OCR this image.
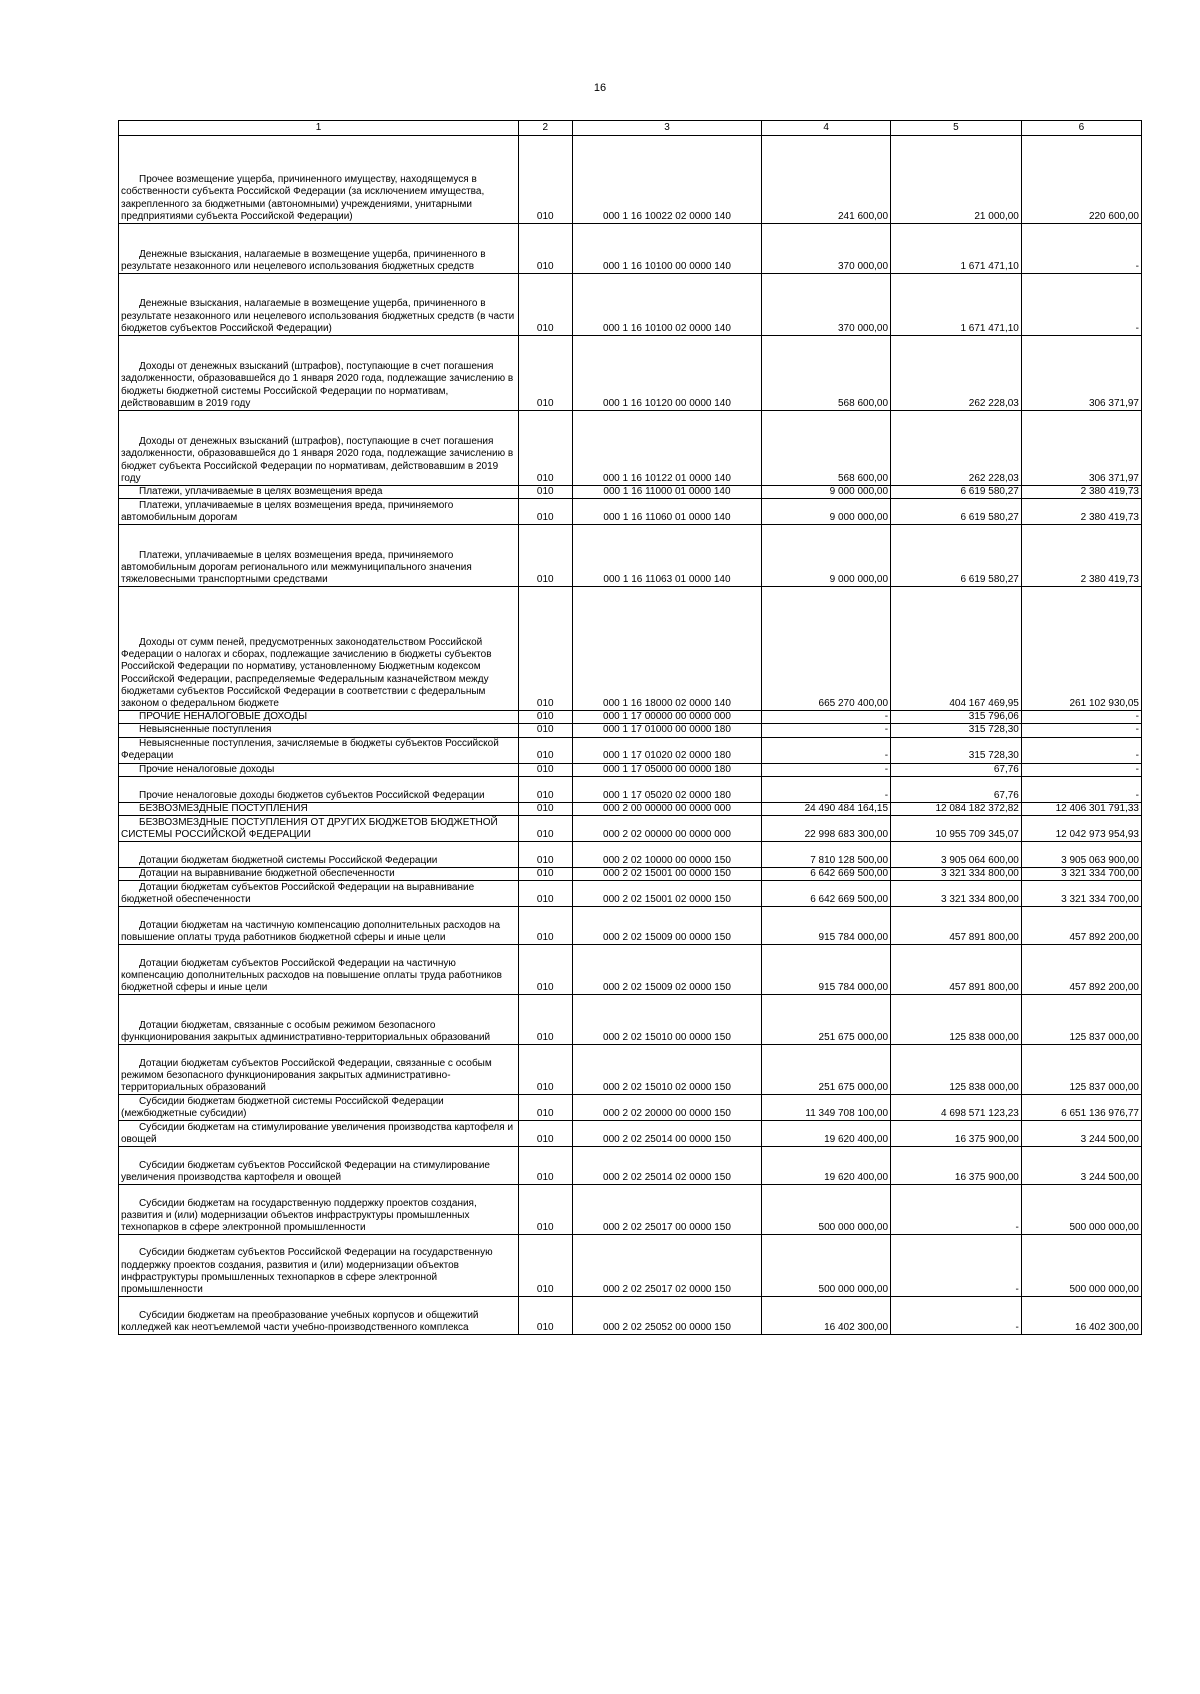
16
1	2	3	4	5	6

Прочее возмещение ущерба, причиненного имуществу, находящемуся в собственности субъекта Российской Федерации (за исключением имущества, закрепленного за бюджетными (автономными) учреждениями, унитарными предприятиями субъекта Российской Федерации)	010	000 1 16 10022 02 0000 140	241 600,00	21 000,00	220 600,00

Денежные взыскания, налагаемые в возмещение ущерба, причиненного в результате незаконного или нецелевого использования бюджетных средств	010	000 1 16 10100 00 0000 140	370 000,00	1 671 471,10	-

Денежные взыскания, налагаемые в возмещение ущерба, причиненного в результате незаконного или нецелевого использования бюджетных средств (в части бюджетов субъектов Российской Федерации)	010	000 1 16 10100 02 0000 140	370 000,00	1 671 471,10	-

Доходы от денежных взысканий (штрафов), поступающие в счет погашения задолженности, образовавшейся до 1 января 2020 года, подлежащие зачислению в бюджеты бюджетной системы Российской Федерации по нормативам, действовавшим в 2019 году	010	000 1 16 10120 00 0000 140	568 600,00	262 228,03	306 371,97

Доходы от денежных взысканий (штрафов), поступающие в счет погашения задолженности, образовавшейся до 1 января 2020 года, подлежащие зачислению в бюджет субъекта Российской Федерации по нормативам, действовавшим в 2019 году	010	000 1 16 10122 01 0000 140	568 600,00	262 228,03	306 371,97

Платежи, уплачиваемые в целях возмещения вреда	010	000 1 16 11000 01 0000 140	9 000 000,00	6 619 580,27	2 380 419,73

Платежи, уплачиваемые в целях возмещения вреда, причиняемого автомобильным дорогам	010	000 1 16 11060 01 0000 140	9 000 000,00	6 619 580,27	2 380 419,73

Платежи, уплачиваемые в целях возмещения вреда, причиняемого автомобильным дорогам регионального или межмуниципального значения тяжеловесными транспортными средствами	010	000 1 16 11063 01 0000 140	9 000 000,00	6 619 580,27	2 380 419,73

Доходы от сумм пеней, предусмотренных законодательством Российской Федерации о налогах и сборах, подлежащие зачислению в бюджеты субъектов Российской Федерации по нормативу, установленному Бюджетным кодексом Российской Федерации, распределяемые Федеральным казначейством между бюджетами субъектов Российской Федерации в соответствии с федеральным законом о федеральном бюджете	010	000 1 16 18000 02 0000 140	665 270 400,00	404 167 469,95	261 102 930,05

ПРОЧИЕ НЕНАЛОГОВЫЕ ДОХОДЫ	010	000 1 17 00000 00 0000 000	-	315 796,06	-

Невыясненные поступления	010	000 1 17 01000 00 0000 180	-	315 728,30	-

Невыясненные поступления, зачисляемые в бюджеты субъектов Российской Федерации	010	000 1 17 01020 02 0000 180	-	315 728,30	-

Прочие неналоговые доходы	010	000 1 17 05000 00 0000 180	-	67,76	-

Прочие неналоговые доходы бюджетов субъектов Российской Федерации	010	000 1 17 05020 02 0000 180	-	67,76	-

БЕЗВОЗМЕЗДНЫЕ ПОСТУПЛЕНИЯ	010	000 2 00 00000 00 0000 000	24 490 484 164,15	12 084 182 372,82	12 406 301 791,33

БЕЗВОЗМЕЗДНЫЕ ПОСТУПЛЕНИЯ ОТ ДРУГИХ БЮДЖЕТОВ БЮДЖЕТНОЙ СИСТЕМЫ РОССИЙСКОЙ ФЕДЕРАЦИИ	010	000 2 02 00000 00 0000 000	22 998 683 300,00	10 955 709 345,07	12 042 973 954,93

Дотации бюджетам бюджетной системы Российской Федерации	010	000 2 02 10000 00 0000 150	7 810 128 500,00	3 905 064 600,00	3 905 063 900,00

Дотации на выравнивание бюджетной обеспеченности	010	000 2 02 15001 00 0000 150	6 642 669 500,00	3 321 334 800,00	3 321 334 700,00

Дотации бюджетам субъектов Российской Федерации на выравнивание бюджетной обеспеченности	010	000 2 02 15001 02 0000 150	6 642 669 500,00	3 321 334 800,00	3 321 334 700,00

Дотации бюджетам на частичную компенсацию дополнительных расходов на повышение оплаты труда работников бюджетной сферы и иные цели	010	000 2 02 15009 00 0000 150	915 784 000,00	457 891 800,00	457 892 200,00

Дотации бюджетам субъектов Российской Федерации на частичную компенсацию дополнительных расходов на повышение оплаты труда работников бюджетной сферы и иные цели	010	000 2 02 15009 02 0000 150	915 784 000,00	457 891 800,00	457 892 200,00

Дотации бюджетам, связанные с особым режимом безопасного функционирования закрытых административно-территориальных образований	010	000 2 02 15010 00 0000 150	251 675 000,00	125 838 000,00	125 837 000,00

Дотации бюджетам субъектов Российской Федерации, связанные с особым режимом безопасного функционирования закрытых административно-территориальных образований	010	000 2 02 15010 02 0000 150	251 675 000,00	125 838 000,00	125 837 000,00

Субсидии бюджетам бюджетной системы Российской Федерации (межбюджетные субсидии)	010	000 2 02 20000 00 0000 150	11 349 708 100,00	4 698 571 123,23	6 651 136 976,77

Субсидии бюджетам на стимулирование увеличения производства картофеля и овощей	010	000 2 02 25014 00 0000 150	19 620 400,00	16 375 900,00	3 244 500,00

Субсидии бюджетам субъектов Российской Федерации на стимулирование увеличения производства картофеля и овощей	010	000 2 02 25014 02 0000 150	19 620 400,00	16 375 900,00	3 244 500,00

Субсидии бюджетам на государственную поддержку проектов создания, развития и (или) модернизации объектов инфраструктуры промышленных технопарков в сфере электронной промышленности	010	000 2 02 25017 00 0000 150	500 000 000,00	-	500 000 000,00

Субсидии бюджетам субъектов Российской Федерации на государственную поддержку проектов создания, развития и (или) модернизации объектов инфраструктуры промышленных технопарков в сфере электронной промышленности	010	000 2 02 25017 02 0000 150	500 000 000,00	-	500 000 000,00

Субсидии бюджетам на преобразование учебных корпусов и общежитий колледжей как неотъемлемой части учебно-производственного комплекса	010	000 2 02 25052 00 0000 150	16 402 300,00	-	16 402 300,00
